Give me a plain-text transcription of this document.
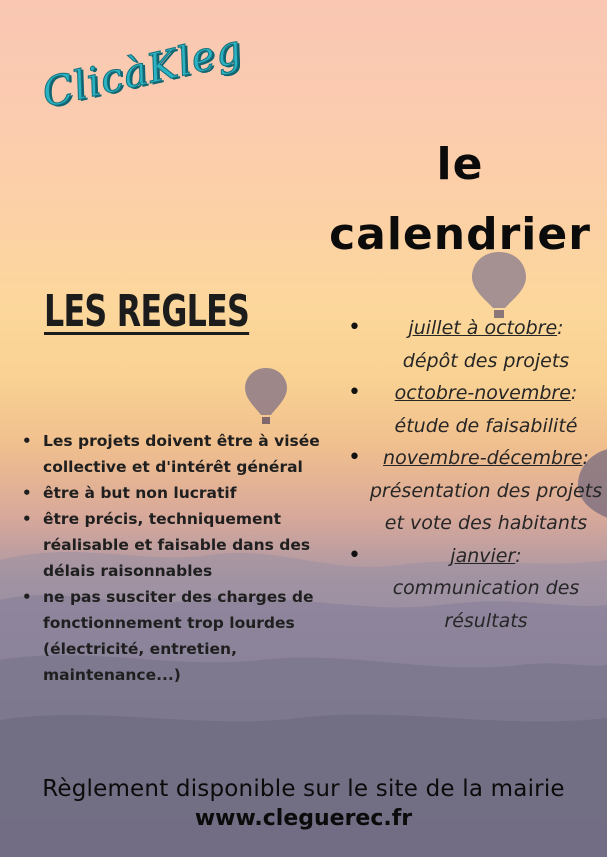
ClicàKleg
le
calendrier
LES REGLES
• Les projets doivent être à visée collective et d'intérêt général
• être à but non lucratif
• être précis, techniquement réalisable et faisable dans des délais raisonnables
• ne pas susciter des charges de fonctionnement trop lourdes (électricité, entretien, maintenance...)
• juillet à octobre:
dépôt des projets
• octobre-novembre:
étude de faisabilité
• novembre-décembre:
présentation des projets et vote des habitants
• janvier:
communication des résultats
Règlement disponible sur le site de la mairie
www.cleguerec.fr
